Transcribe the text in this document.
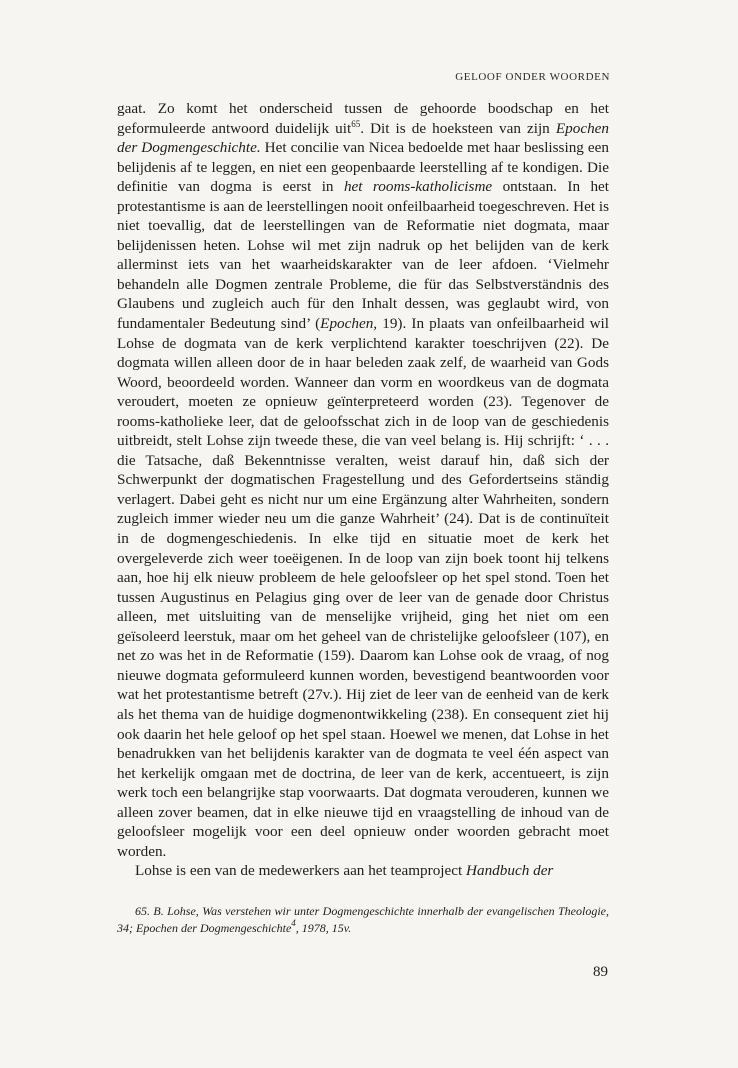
GELOOF ONDER WOORDEN

gaat. Zo komt het onderscheid tussen de gehoorde boodschap en het geformuleerde antwoord duidelijk uit$^{65}$. Dit is de hoeksteen van zijn Epochen der Dogmengeschichte. Het concilie van Nicea bedoelde met haar beslissing een belijdenis af te leggen, en niet een geopenbaarde leerstelling af te kondigen. Die definitie van dogma is eerst in het rooms-katholicisme ontstaan. In het protestantisme is aan de leerstellingen nooit onfeilbaarheid toegeschreven. Het is niet toevallig, dat de leerstellingen van de Reformatie niet dogmata, maar belijdenissen heten. Lohse wil met zijn nadruk op het belijden van de kerk allerminst iets van het waarheidskarakter van de leer afdoen. ‘Vielmehr behandeln alle Dogmen zentrale Probleme, die für das Selbstverständnis des Glaubens und zugleich auch für den Inhalt dessen, was geglaubt wird, von fundamentaler Bedeutung sind’ (Epochen, 19). In plaats van onfeilbaarheid wil Lohse de dogmata van de kerk verplichtend karakter toeschrijven (22). De dogmata willen alleen door de in haar beleden zaak zelf, de waarheid van Gods Woord, beoordeeld worden. Wanneer dan vorm en woordkeus van de dogmata veroudert, moeten ze opnieuw geïnterpreteerd worden (23). Tegenover de rooms-katholieke leer, dat de geloofsschat zich in de loop van de geschiedenis uitbreidt, stelt Lohse zijn tweede these, die van veel belang is. Hij schrijft: ‘ . . . die Tatsache, daß Bekenntnisse veralten, weist darauf hin, daß sich der Schwerpunkt der dogmatischen Fragestellung und des Gefordertseins ständig verlagert. Dabei geht es nicht nur um eine Ergänzung alter Wahrheiten, sondern zugleich immer wieder neu um die ganze Wahrheit’ (24). Dat is de continuïteit in de dogmengeschiedenis. In elke tijd en situatie moet de kerk het overgeleverde zich weer toeëigenen. In de loop van zijn boek toont hij telkens aan, hoe hij elk nieuw probleem de hele geloofsleer op het spel stond. Toen het tussen Augustinus en Pelagius ging over de leer van de genade door Christus alleen, met uitsluiting van de menselijke vrijheid, ging het niet om een geïsoleerd leerstuk, maar om het geheel van de christelijke geloofsleer (107), en net zo was het in de Reformatie (159). Daarom kan Lohse ook de vraag, of nog nieuwe dogmata geformuleerd kunnen worden, bevestigend beantwoorden voor wat het protestantisme betreft (27v.). Hij ziet de leer van de eenheid van de kerk als het thema van de huidige dogmenontwikkeling (238). En consequent ziet hij ook daarin het hele geloof op het spel staan. Hoewel we menen, dat Lohse in het benadrukken van het belijdenis karakter van de dogmata te veel één aspect van het kerkelijk omgaan met de doctrina, de leer van de kerk, accentueert, is zijn werk toch een belangrijke stap voorwaarts. Dat dogmata verouderen, kunnen we alleen zover beamen, dat in elke nieuwe tijd en vraagstelling de inhoud van de geloofsleer mogelijk voor een deel opnieuw onder woorden gebracht moet worden.

Lohse is een van de medewerkers aan het teamproject Handbuch der

65. B. Lohse, Was verstehen wir unter Dogmengeschichte innerhalb der evangelischen Theologie, 34; Epochen der Dogmengeschichte$^4$, 1978, 15v.

89
